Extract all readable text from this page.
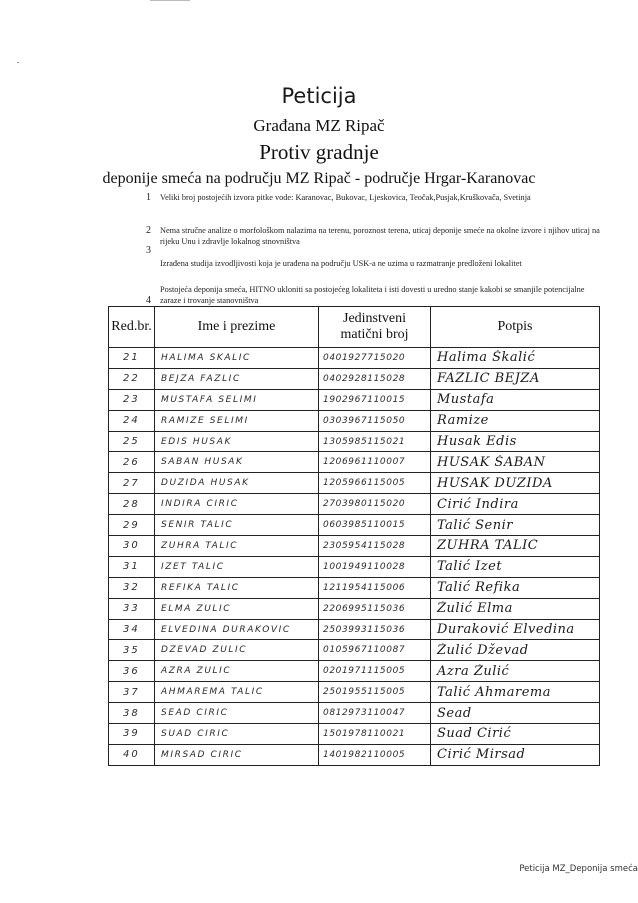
Peticija
Građana MZ Ripač
Protiv gradnje
deponije smeća na području MZ Ripač - područje Hrgar-Karanovac
1 Veliki broj postojećih izvora pitke vode: Karanovac, Bukovac, Ljeskovica, Teočak,Pusjak,Kruškovača, Svetinja
2 Nema stručne analize o morfološkom nalazima na terenu, poroznost terena, uticaj deponije smeće na okolne izvore i njihov uticaj na rijeku Unu i zdravlje lokalnog stnovništva
3
Izrađena studija izvodljivosti koja je urađena na području USK-a ne uzima u razmatranje predloženi lokalitet
4
Postojeća deponija smeća, HITNO ukloniti sa postojećeg lokaliteta i isti dovesti u uredno stanje kakobi se smanjile potencijalne zaraze i trovanje stanovništva
Red.br.	Ime i prezime	Jedinstveni
matični broj	Potpis

21	HALIMA SKALIĆ	0401927715020	Halima Škalić

22	BEJZA FAZLIĆ	0402928115028	FAZLIĆ BEJZA

23	MUSTAFA SELIMI	1902967110015	Mustafa

24	RAMIZE SELIMI	0303967115050	Ramize

25	EDIS HUSAK	1305985115021	Husak Edis

26	ŠABAN HUSAK	1206961110007	HUSAK ŠABAN

27	DUZIDA HUSAK	1205966115005	HUSAK DUZIDA

28	INDIRA ĆIRIĆ	2703980115020	Ćirić Indira

29	SENIR TALIĆ	0603985110015	Talić Senir

30	ZUHRA TALIĆ	2305954115028	ZUHRA TALIĆ

31	IZET TALIĆ	1001949110028	Talić Izet

32	REFIKA TALIĆ	1211954115006	Talić Refika

33	ELMA ŽULIĆ	2206995115036	Žulić Elma

34	ELVEDINA DURAKOVIĆ	2503993115036	Duraković Elvedina

35	DŽEVAD ŽULIĆ	0105967110087	Žulić Dževad

36	AZRA ŽULIĆ	0201971115005	Azra Žulić

37	AHMAREMA TALIĆ	2501955115005	Talić Ahmarema

38	SEAD ĆIRIĆ	0812973110047	Sead

39	SUAD ĆIRIĆ	1501978110021	Suad Ćirić

40	MIRSAD ĆIRIĆ	1401982110005	Ćirić Mirsad
Peticija MZ_Deponija smeća
